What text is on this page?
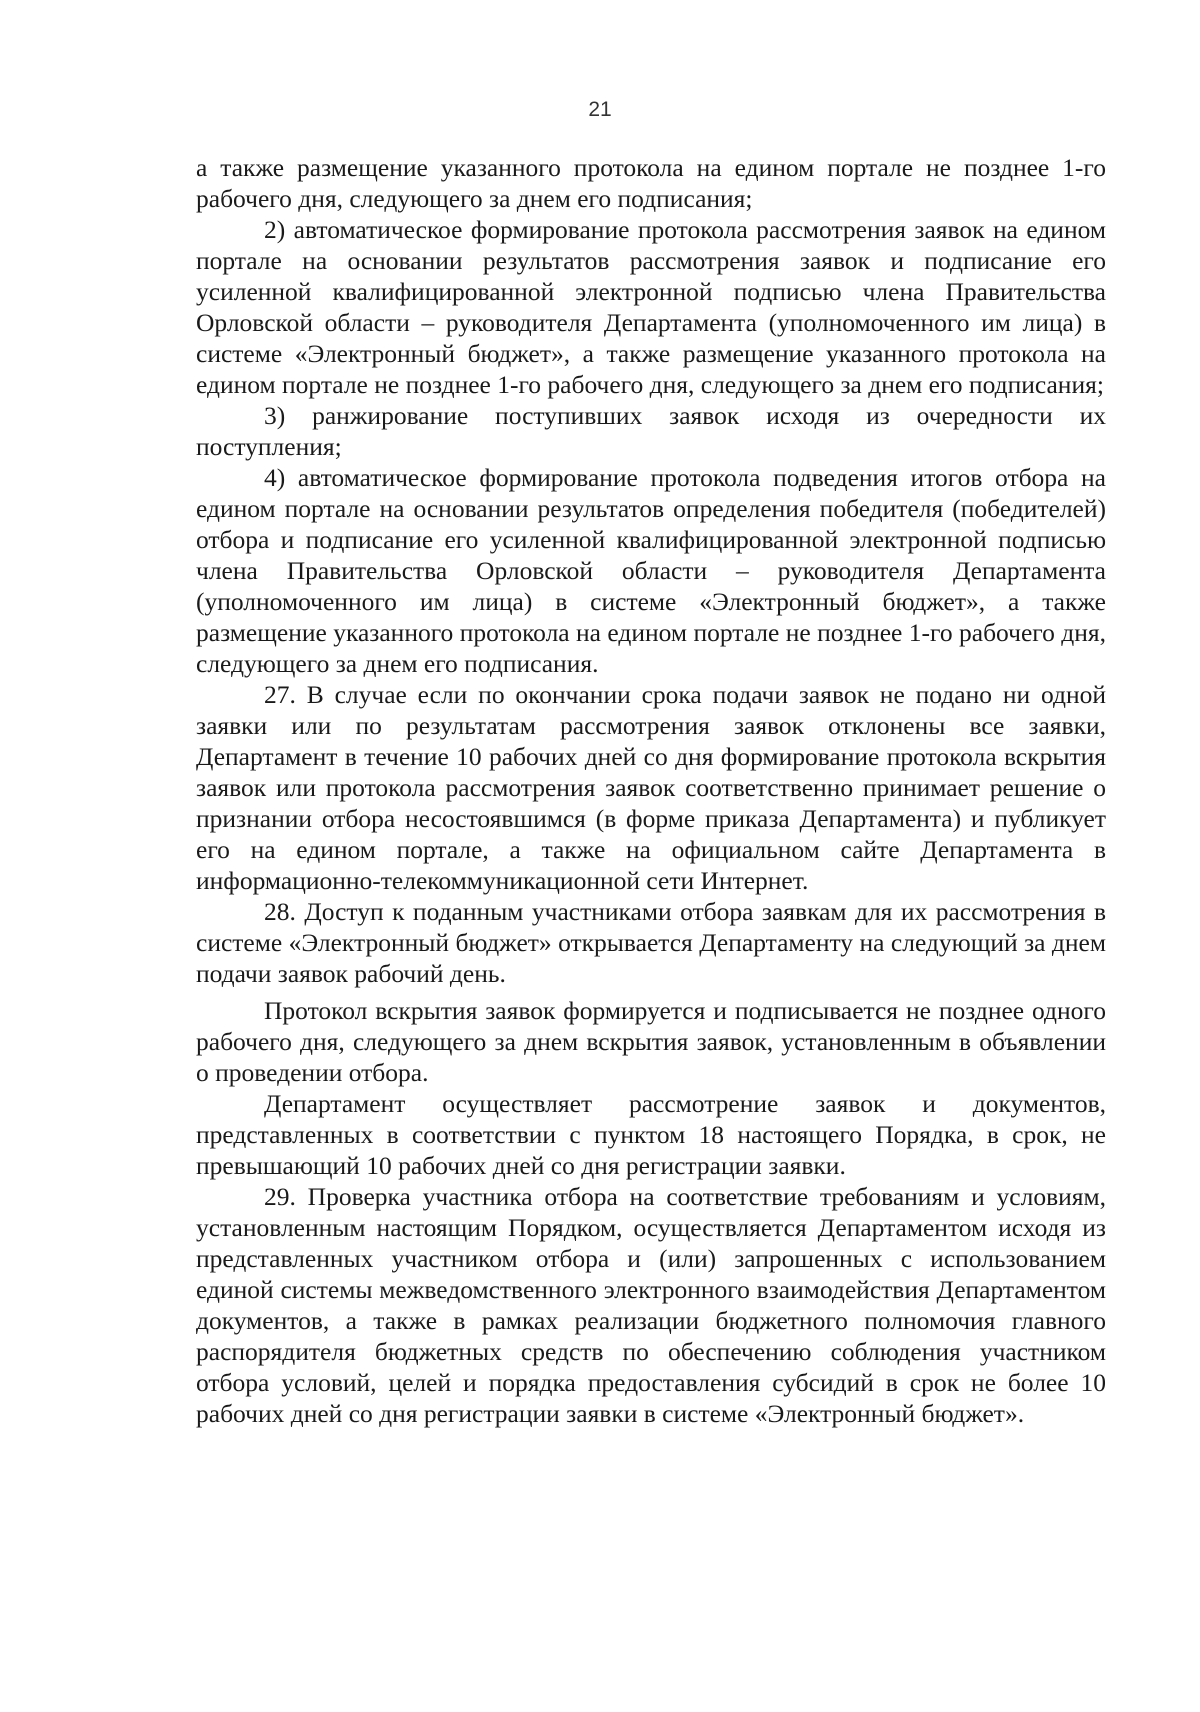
21

а также размещение указанного протокола на едином портале не позднее 1-го рабочего дня, следующего за днем его подписания;

2) автоматическое формирование протокола рассмотрения заявок на едином портале на основании результатов рассмотрения заявок и подписание его усиленной квалифицированной электронной подписью члена Правительства Орловской области – руководителя Департамента (уполномоченного им лица) в системе «Электронный бюджет», а также размещение указанного протокола на едином портале не позднее 1-го рабочего дня, следующего за днем его подписания;

3) ранжирование поступивших заявок исходя из очередности их поступления;

4) автоматическое формирование протокола подведения итогов отбора на едином портале на основании результатов определения победителя (победителей) отбора и подписание его усиленной квалифицированной электронной подписью члена Правительства Орловской области – руководителя Департамента (уполномоченного им лица) в системе «Электронный бюджет», а также размещение указанного протокола на едином портале не позднее 1-го рабочего дня, следующего за днем его подписания.

27. В случае если по окончании срока подачи заявок не подано ни одной заявки или по результатам рассмотрения заявок отклонены все заявки, Департамент в течение 10 рабочих дней со дня формирование протокола вскрытия заявок или протокола рассмотрения заявок соответственно принимает решение о признании отбора несостоявшимся (в форме приказа Департамента) и публикует его на едином портале, а также на официальном сайте Департамента в информационно-телекоммуникационной сети Интернет.

28. Доступ к поданным участниками отбора заявкам для их рассмотрения в системе «Электронный бюджет» открывается Департаменту на следующий за днем подачи заявок рабочий день.

Протокол вскрытия заявок формируется и подписывается не позднее одного рабочего дня, следующего за днем вскрытия заявок, установленным в объявлении о проведении отбора.

Департамент осуществляет рассмотрение заявок и документов, представленных в соответствии с пунктом 18 настоящего Порядка, в срок, не превышающий 10 рабочих дней со дня регистрации заявки.

29. Проверка участника отбора на соответствие требованиям и условиям, установленным настоящим Порядком, осуществляется Департаментом исходя из представленных участником отбора и (или) запрошенных с использованием единой системы межведомственного электронного взаимодействия Департаментом документов, а также в рамках реализации бюджетного полномочия главного распорядителя бюджетных средств по обеспечению соблюдения участником отбора условий, целей и порядка предоставления субсидий в срок не более 10 рабочих дней со дня регистрации заявки в системе «Электронный бюджет».
